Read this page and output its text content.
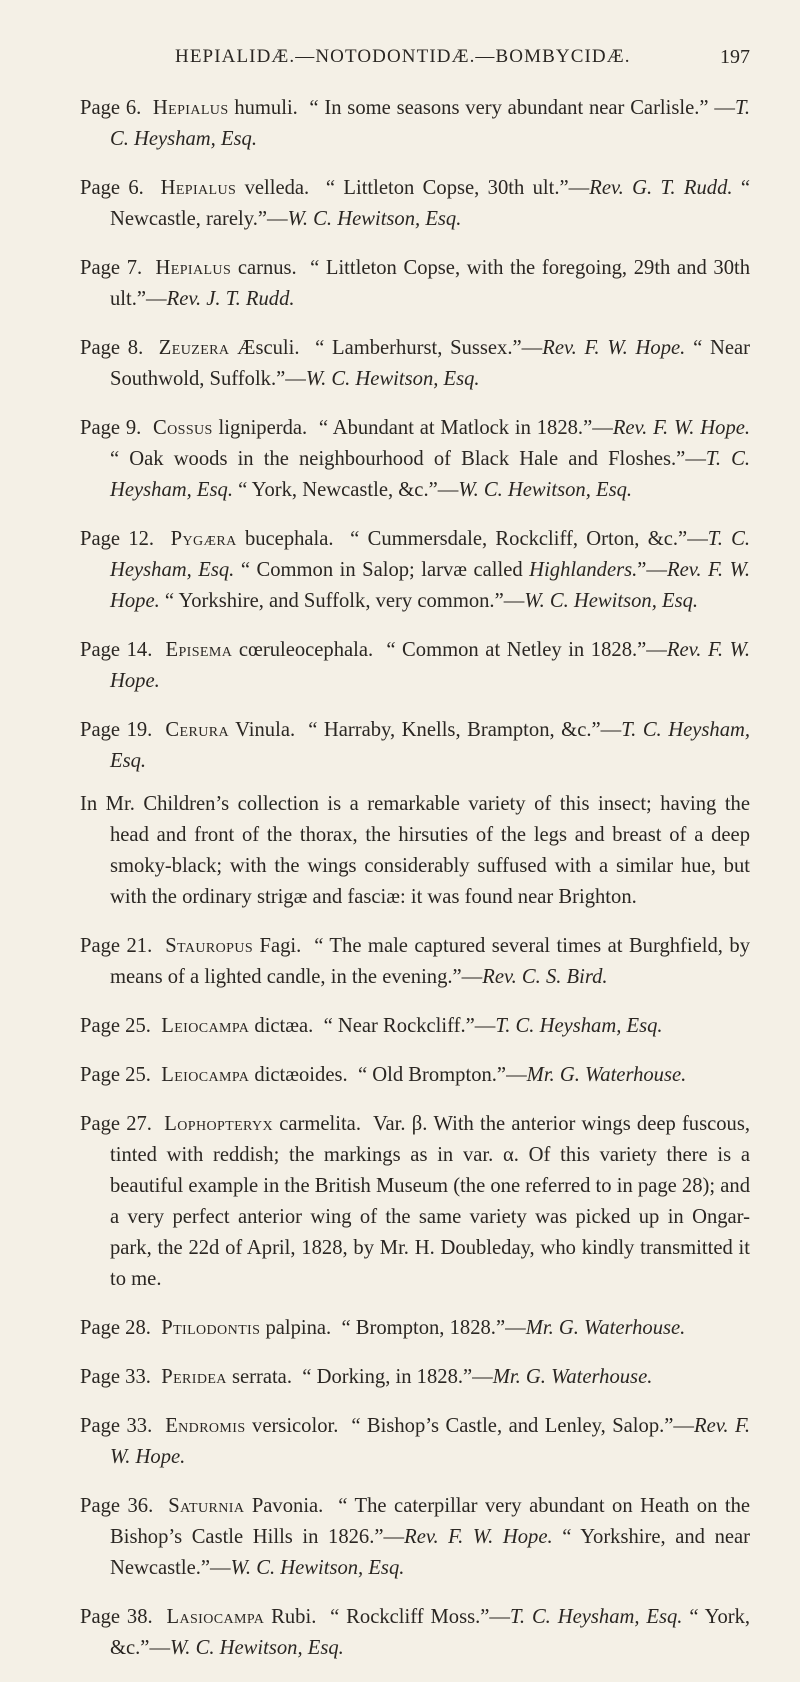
HEPIALIDÆ.—NOTODONTIDÆ.—BOMBYCIDÆ.	197

Page 6. Hepialus humuli. “ In some seasons very abundant near Carlisle.” —T. C. Heysham, Esq.

Page 6. Hepialus velleda. “ Littleton Copse, 30th ult.”—Rev. G. T. Rudd. “ Newcastle, rarely.”—W. C. Hewitson, Esq.

Page 7. Hepialus carnus. “ Littleton Copse, with the foregoing, 29th and 30th ult.”—Rev. J. T. Rudd.

Page 8. Zeuzera Æsculi. “ Lamberhurst, Sussex.”—Rev. F. W. Hope. “ Near Southwold, Suffolk.”—W. C. Hewitson, Esq.

Page 9. Cossus ligniperda. “ Abundant at Matlock in 1828.”—Rev. F. W. Hope. “ Oak woods in the neighbourhood of Black Hale and Floshes.”—T. C. Heysham, Esq. “ York, Newcastle, &c.”—W. C. Hewitson, Esq.

Page 12. Pygæra bucephala. “ Cummersdale, Rockcliff, Orton, &c.”—T. C. Heysham, Esq. “ Common in Salop; larvæ called Highlanders.”—Rev. F. W. Hope. “ Yorkshire, and Suffolk, very common.”—W. C. Hewitson, Esq.

Page 14. Episema cœruleocephala. “ Common at Netley in 1828.”—Rev. F. W. Hope.

Page 19. Cerura Vinula. “ Harraby, Knells, Brampton, &c.”—T. C. Heysham, Esq.

In Mr. Children’s collection is a remarkable variety of this insect; having the head and front of the thorax, the hirsuties of the legs and breast of a deep smoky-black; with the wings considerably suffused with a similar hue, but with the ordinary strigæ and fasciæ: it was found near Brighton.

Page 21. Stauropus Fagi. “ The male captured several times at Burghfield, by means of a lighted candle, in the evening.”—Rev. C. S. Bird.

Page 25. Leiocampa dictæa. “ Near Rockcliff.”—T. C. Heysham, Esq.

Page 25. Leiocampa dictæoides. “ Old Brompton.”—Mr. G. Waterhouse.

Page 27. Lophopteryx carmelita. Var. β. With the anterior wings deep fuscous, tinted with reddish; the markings as in var. α. Of this variety there is a beautiful example in the British Museum (the one referred to in page 28); and a very perfect anterior wing of the same variety was picked up in Ongar-park, the 22d of April, 1828, by Mr. H. Doubleday, who kindly transmitted it to me.

Page 28. Ptilodontis palpina. “ Brompton, 1828.”—Mr. G. Waterhouse.

Page 33. Peridea serrata. “ Dorking, in 1828.”—Mr. G. Waterhouse.

Page 33. Endromis versicolor. “ Bishop’s Castle, and Lenley, Salop.”—Rev. F. W. Hope.

Page 36. Saturnia Pavonia. “ The caterpillar very abundant on Heath on the Bishop’s Castle Hills in 1826.”—Rev. F. W. Hope. “ Yorkshire, and near Newcastle.”—W. C. Hewitson, Esq.

Page 38. Lasiocampa Rubi. “ Rockcliff Moss.”—T. C. Heysham, Esq. “ York, &c.”—W. C. Hewitson, Esq.
